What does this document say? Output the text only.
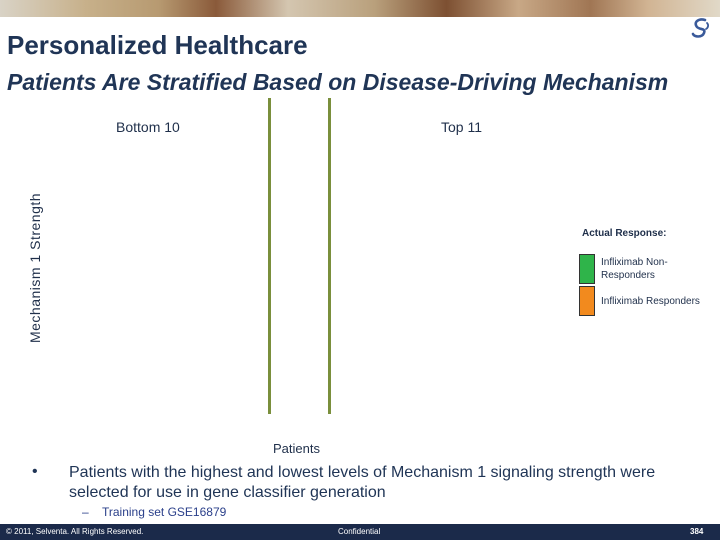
Personalized Healthcare
Patients Are Stratified Based on Disease-Driving Mechanism
Bottom 10	Top 11
Mechanism 1 Strength	Actual Response:
Infliximab Non-Responders
Infliximab Responders
Patients
• Patients with the highest and lowest levels of Mechanism 1 signaling strength were selected for use in gene classifier generation
– Training set GSE16879
© 2011, Selventa. All Rights Reserved.	Confidential	384
